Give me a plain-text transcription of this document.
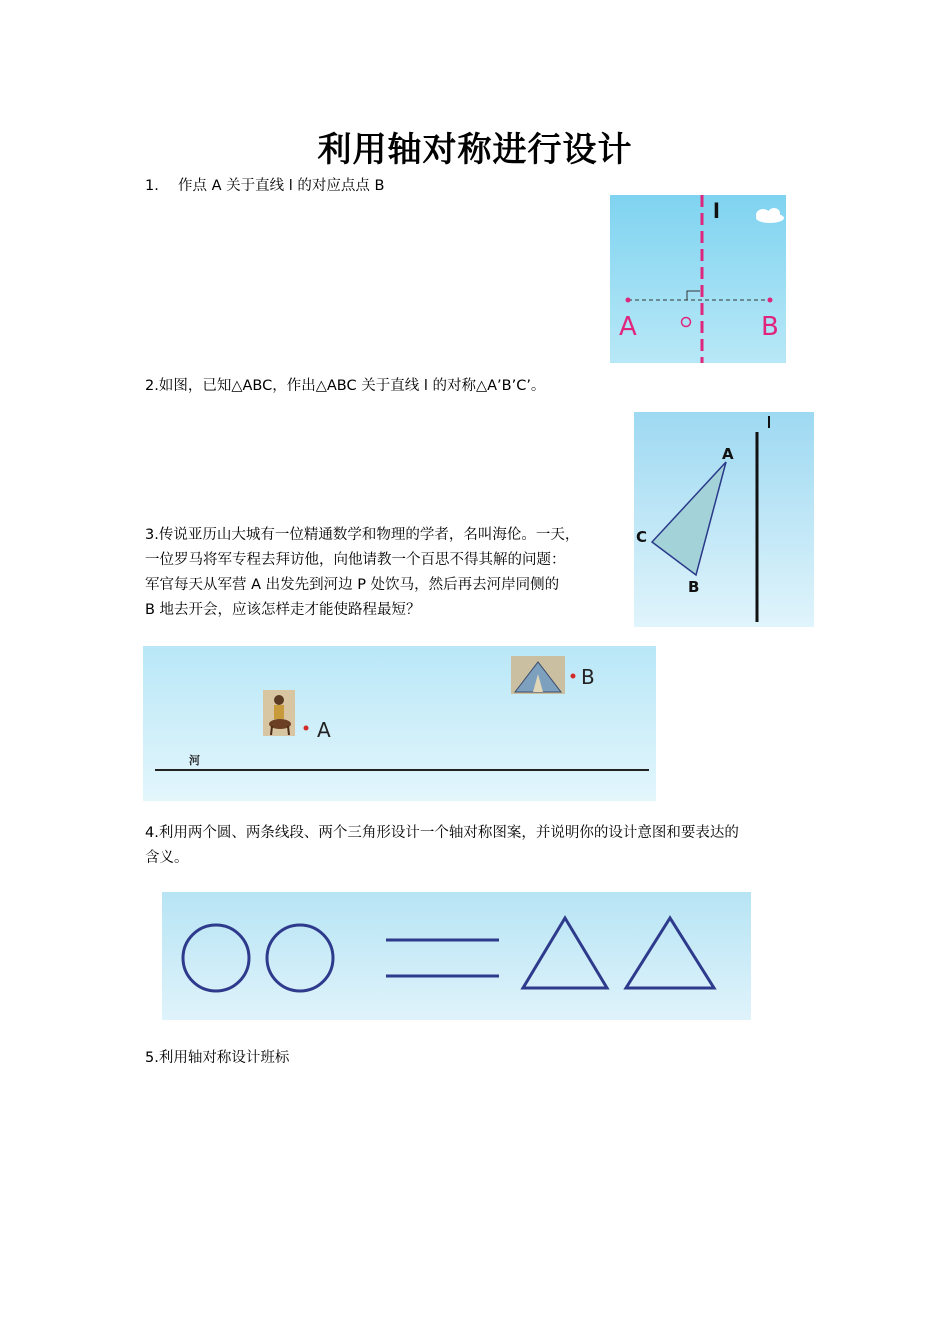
利用轴对称进行设计
1. 作点 A 关于直线 l 的对应点点 B
l
A	B
2.如图，已知△ABC，作出△ABC 关于直线 l 的对称△A’B’C’。
A
B
C
3.传说亚历山大城有一位精通数学和物理的学者，名叫海伦。一天，
一位罗马将军专程去拜访他，向他请教一个百思不得其解的问题：
军官每天从军营 A 出发先到河边 P 处饮马，然后再去河岸同侧的
B 地去开会，应该怎样走才能使路程最短？
A
B
河
4.利用两个圆、两条线段、两个三角形设计一个轴对称图案，并说明你的设计意图和要表达的
含义。
5.利用轴对称设计班标
